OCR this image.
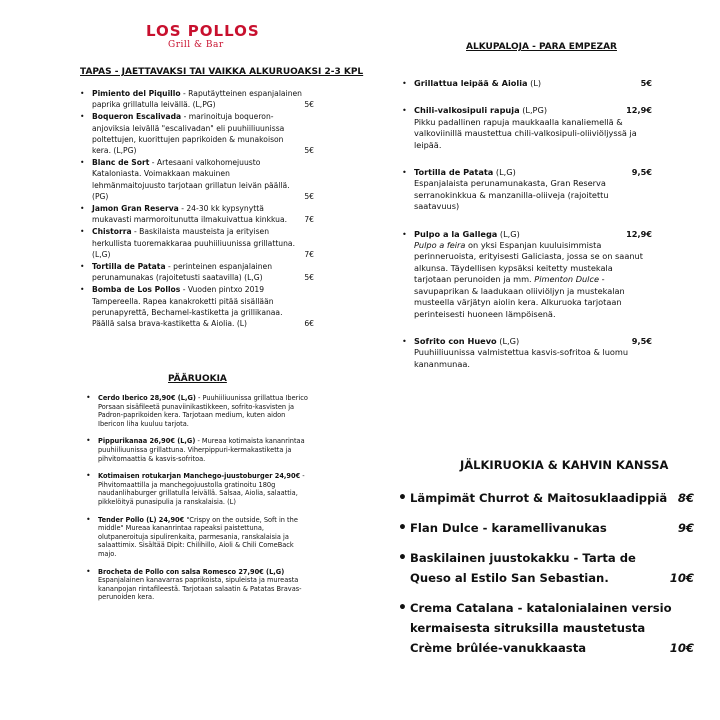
LOS POLLOS
Grill & Bar
TAPAS - JAETTAVAKSI TAI VAIKKA ALKURUOAKSI 2-3 KPL
• Pimiento del Piquillo - Raputäytteinen espanjalainen paprika grillatulla leivällä. (L,PG)	5€
• Boqueron Escalivada - marinoituja boqueron-anjoviksia leivällä "escalivadan" eli puuhiiliuunissa poltettujen, kuorittujen paprikoiden & munakoison kera. (L,PG)	5€
• Blanc de Sort - Artesaani valkohomejuusto Kataloniasta. Voimakkaan makuinen lehmänmaitojuusto tarjotaan grillatun leivän päällä. (PG)	5€
• Jamon Gran Reserva - 24-30 kk kypsynyttä mukavasti marmoroitunutta ilmakuivattua kinkkua.	7€
• Chistorra - Baskilaista mausteista ja erityisen herkullista tuoremakkaraa puuhiiliuunissa grillattuna. (L,G)	7€
• Tortilla de Patata - perinteinen espanjalainen perunamunakas (rajoitetusti saatavilla) (L,G)	5€
• Bomba de Los Pollos - Vuoden pintxo 2019 Tampereella. Rapea kanakroketti pitää sisällään perunapyrettä, Bechamel-kastiketta ja grillikanaa. Päällä salsa brava-kastiketta & Aiolia. (L)	6€
PÄÄRUOKIA
• Cerdo Iberico 28,90€ (L,G) - Puuhiiliuunissa grillattua Iberico Porsaan sisäfileetä punaviinikastikkeen, sofrito-kasvisten ja Padron-paprikoiden kera. Tarjotaan medium, kuten aidon Ibericon liha kuuluu tarjota.
• Pippurikanaa 26,90€ (L,G) - Mureaa kotimaista kananrintaa puuhiiliuunissa grillattuna. Viherpippuri-kermakastiketta ja pihvitomaattia & kasvis-sofritoa.
• Kotimaisen rotukarjan Manchego-juustoburger 24,90€ - Pihvitomaattilla ja manchegojuustolla gratinoitu 180g naudanlihaburger grillatulla leivällä. Salsaa, Aiolia, salaattia, pikkelöityä punasipulia ja ranskalaisia. (L)
• Tender Pollo (L) 24,90€ "Crispy on the outside, Soft in the middle" Mureaa kananrintaa rapeaksi paistettuna, olutpaneroituja sipulirenkaita, parmesania, ranskalaisia ja salaattimix. Sisältää Dipit: Chilihillo, Aioli & Chili ComeBack majo.
• Brocheta de Pollo con salsa Romesco 27,90€ (L,G) Espanjalainen kanavarras paprikoista, sipuleista ja mureasta kananpojan rintafileestä. Tarjotaan salaatin & Patatas Bravas-perunoiden kera.
ALKUPALOJA - PARA EMPEZAR
• Grillattua leipää & Aiolia (L)	5€
• Chili-valkosipuli rapuja (L,PG)	12,9€
Pikku padallinen rapuja maukkaalla kanaliemellä & valkoviinillä maustettua chili-valkosipuli-oliiviöljyssä ja leipää.
• Tortilla de Patata (L,G)	9,5€
Espanjalaista perunamunakasta, Gran Reserva serranokinkkua & manzanilla-oliiveja (rajoitettu saatavuus)
• Pulpo a la Gallega (L,G)	12,9€
Pulpo a feira on yksi Espanjan kuuluisimmista perinneruoista, erityisesti Galiciasta, jossa se on saanut alkunsa. Täydellisen kypsäksi keitetty mustekala tarjotaan perunoiden ja mm. Pimenton Dulce - savupaprikan & laadukaan oliiviöljyn ja mustekalan musteella värjätyn aiolin kera. Alkuruoka tarjotaan perinteisesti huoneen lämpöisenä.
• Sofrito con Huevo (L,G)	9,5€
Puuhiiliuunissa valmistettua kasvis-sofritoa & luomu kananmunaa.
JÄLKIRUOKIA & KAHVIN KANSSA
• Lämpimät Churrot & Maitosuklaadippiä 8€
• Flan Dulce - karamellivanukas	9€
• Baskilainen juustokakku - Tarta de Queso al Estilo San Sebastian.	10€
• Crema Catalana - katalonialainen versio kermaisesta sitruksilla maustetusta Crème brûlée-vanukkaasta	10€
